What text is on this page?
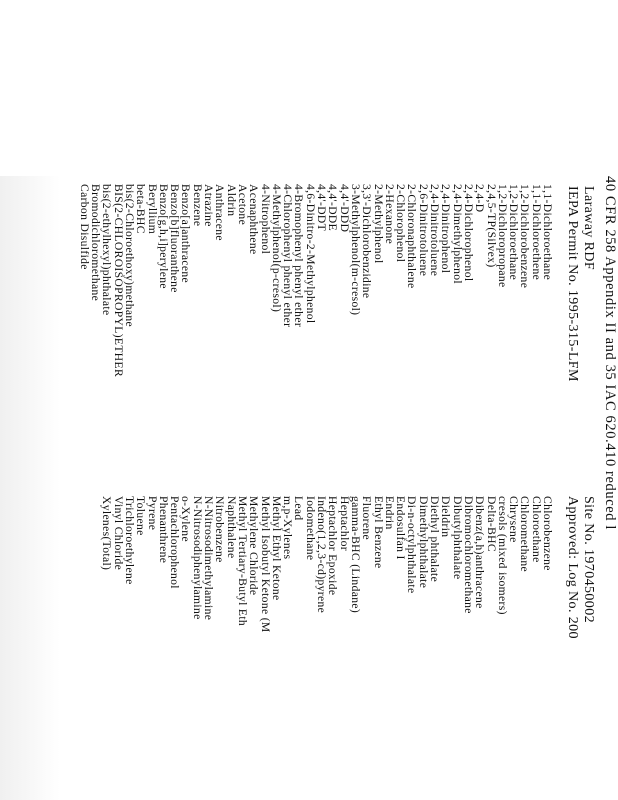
40 CFR 258 Appendix II and 35 IAC 620.410 reduced l
Laraway RDF
IEPA Permit No. 1995-315-LFM
Site No. 1970450002
Approved: Log No. 200
1,1-Dichloroethane
1,1-Dichloroethene
1,2-Dichlorobenzene
1,2-Dichloroethane
1,2-Dichloropropane
2,4,5-TP(Silvex)
2,4-D
2,4-Dichlorophenol
2,4-Dimethylphenol
2,4-Dinitrophenol
2,4-Dinitrotoluene
2,6-Dinitrotoluene
2-Chloronaphthalene
2-Chlorophenol
2-Hexanone
2-Methylphenol
3,3'-Dichlorobenzidine
3-Methylphenol(m-cresol)
4,4'-DDD
4,4'-DDE
4,4'-DDT
4,6-Dinitro-2-Methylphenol
4-Bromophenyl phenyl ether
4-Chlorophenyl phenyl ether
4-Methylphenol(p-cresol)
4-Nitrophenol
Acenaphthene
Acetone
Aldrin
Anthracene
Atrazine
Benzene
Benzo[a]anthracene
Benzo[b]fluoranthene
Benzo[g,h,i]perylene
Beryllium
beta-BHC
bis(2-Chloroethoxy)methane
BIS(2-CHLOROISOPROPYL)ETHER
bis(2-ethylhexyl)phthalate
Bromodichloromethane
Carbon Disulfide
Chlorobenzene
Chloroethane
Chloromethane
Chrysene
cresols (mixed isomers)
Delta-BHC
Dibenz(a,h)anthracene
Dibromochloromethane
Dibutylphthalate
Dieldrin
Diethyl phthalate
Dimethylphthalate
Di-n-octylphthalate
Endosulfan I
Endrin
Ethyl Benzene
Fluorene
gamma-BHC (Lindane)
Heptachlor
Heptachlor Epoxide
Indeno(1,2,3-cd)pyrene
Iodomethane
Lead
m,p-Xylenes
Methyl Ethyl Ketone
Methyl Isobutyl Ketone (M
Methylene Chloride
Methyl Tertiary-Butyl Eth
Naphthalene
Nitrobenzene
N-Nitrosodimethylamine
N-Nitrosodiphenylamine
o-Xylene
Pentachlorophenol
Phenanthrene
Pyrene
Toluene
Trichloroethylene
Vinyl Chloride
Xylenes(Total)
